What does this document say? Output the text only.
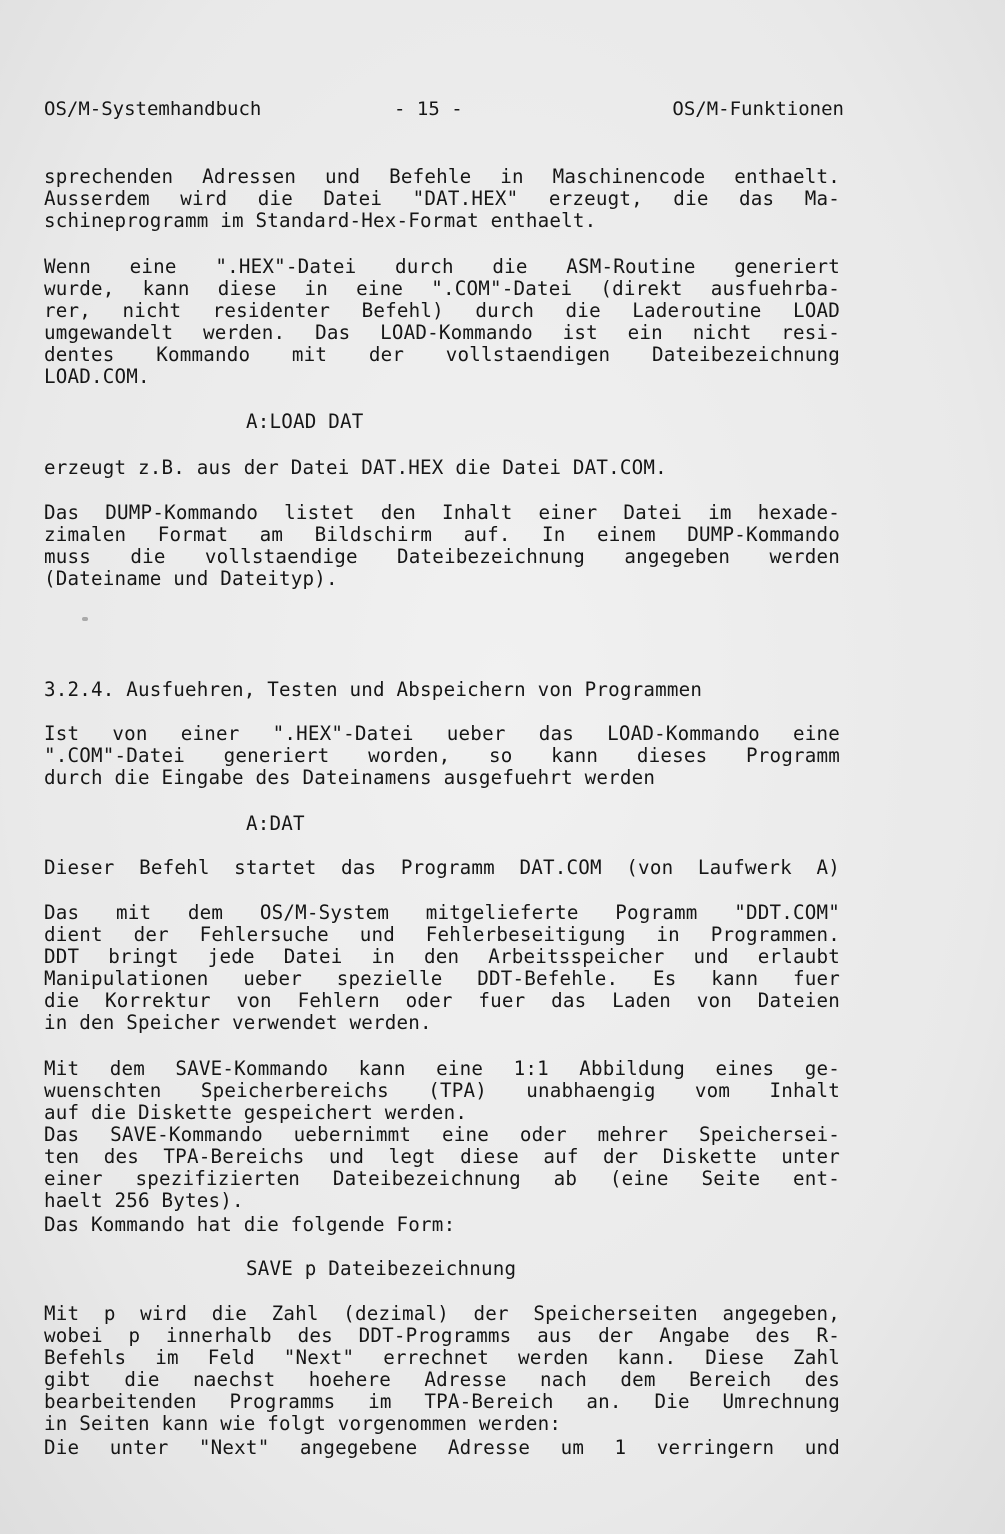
OS/M-Systemhandbuch	- 15 -	OS/M-Funktionen
sprechenden Adressen und Befehle in Maschinencode enthaelt.
Ausserdem wird die Datei "DAT.HEX" erzeugt, die das Ma-
schineprogramm im Standard-Hex-Format enthaelt.
Wenn eine ".HEX"-Datei durch die ASM-Routine generiert
wurde, kann diese in eine ".COM"-Datei (direkt ausfuehrba-
rer, nicht residenter Befehl) durch die Laderoutine LOAD
umgewandelt werden. Das LOAD-Kommando ist ein nicht resi-
dentes Kommando mit der vollstaendigen Dateibezeichnung
LOAD.COM.
A:LOAD DAT
erzeugt z.B. aus der Datei DAT.HEX die Datei DAT.COM.
Das DUMP-Kommando listet den Inhalt einer Datei im hexade-
zimalen Format am Bildschirm auf. In einem DUMP-Kommando
muss die vollstaendige Dateibezeichnung angegeben werden
(Dateiname und Dateityp).
3.2.4. Ausfuehren, Testen und Abspeichern von Programmen
Ist von einer ".HEX"-Datei ueber das LOAD-Kommando eine
".COM"-Datei generiert worden, so kann dieses Programm
durch die Eingabe des Dateinamens ausgefuehrt werden
A:DAT
Dieser Befehl startet das Programm DAT.COM (von Laufwerk A)
Das mit dem OS/M-System mitgelieferte Pogramm "DDT.COM"
dient der Fehlersuche und Fehlerbeseitigung in Programmen.
DDT bringt jede Datei in den Arbeitsspeicher und erlaubt
Manipulationen ueber spezielle DDT-Befehle. Es kann fuer
die Korrektur von Fehlern oder fuer das Laden von Dateien
in den Speicher verwendet werden.
Mit dem SAVE-Kommando kann eine 1:1 Abbildung eines ge-
wuenschten Speicherbereichs (TPA) unabhaengig vom Inhalt
auf die Diskette gespeichert werden.
Das SAVE-Kommando uebernimmt eine oder mehrer Speichersei-
ten des TPA-Bereichs und legt diese auf der Diskette unter
einer spezifizierten Dateibezeichnung ab (eine Seite ent-
haelt 256 Bytes).
Das Kommando hat die folgende Form:
SAVE p Dateibezeichnung
Mit p wird die Zahl (dezimal) der Speicherseiten angegeben,
wobei p innerhalb des DDT-Programms aus der Angabe des R-
Befehls im Feld "Next" errechnet werden kann. Diese Zahl
gibt die naechst hoehere Adresse nach dem Bereich des
bearbeitenden Programms im TPA-Bereich an. Die Umrechnung
in Seiten kann wie folgt vorgenommen werden:
Die unter "Next" angegebene Adresse um 1 verringern und
